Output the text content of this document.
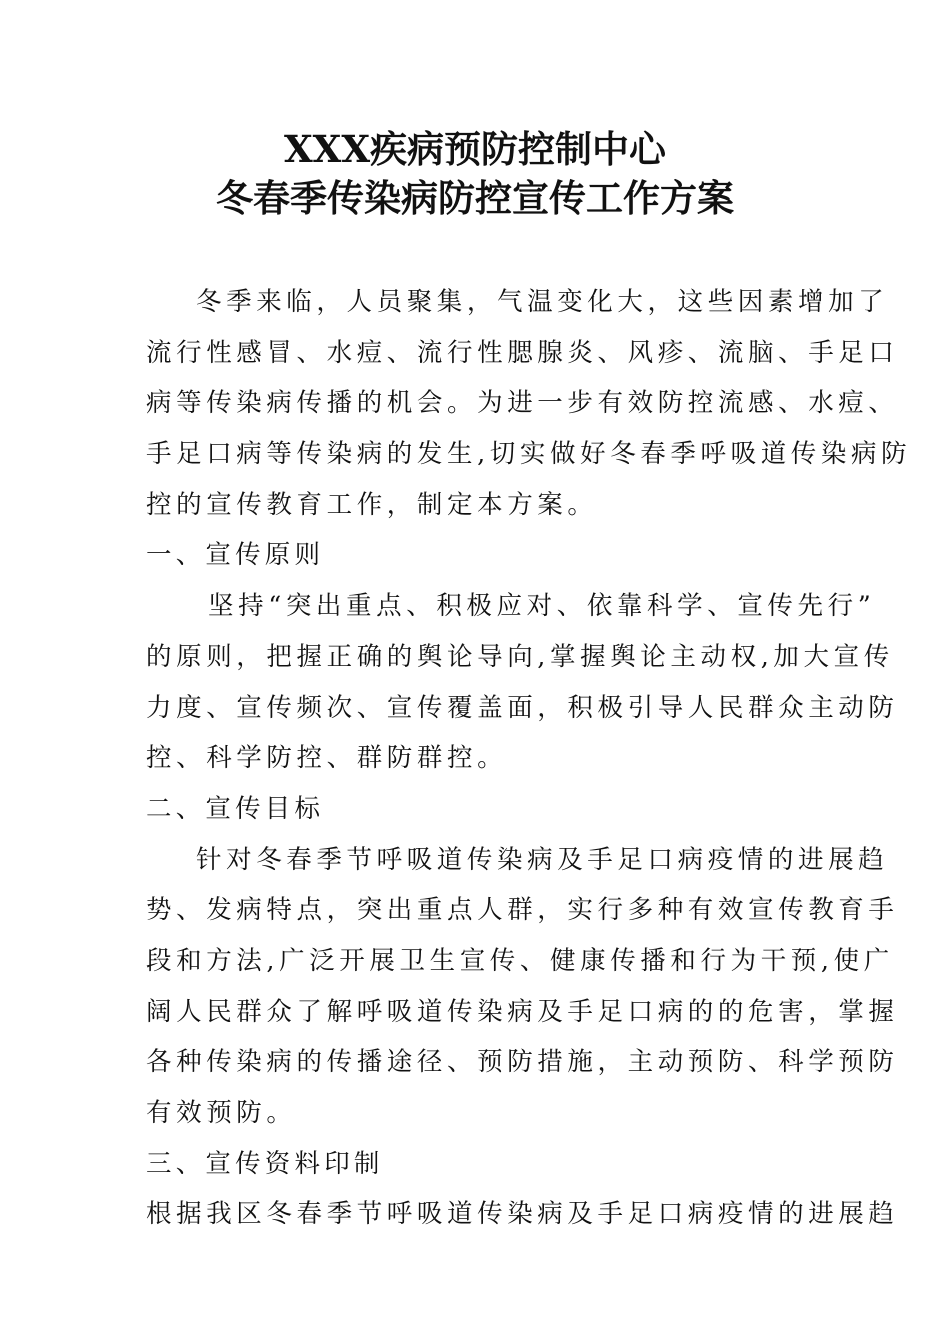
XXX疾病预防控制中心
冬春季传染病防控宣传工作方案
冬季来临，人员聚集，气温变化大，这些因素增加了
流行性感冒、水痘、流行性腮腺炎、风疹、流脑、手足口
病等传染病传播的机会。为进一步有效防控流感、水痘、
手足口病等传染病的发生,切实做好冬春季呼吸道传染病防
控的宣传教育工作，制定本方案。
一、宣传原则
坚持“突出重点、积极应对、依靠科学、宣传先行”
的原则，把握正确的舆论导向,掌握舆论主动权,加大宣传
力度、宣传频次、宣传覆盖面，积极引导人民群众主动防
控、科学防控、群防群控。
二、宣传目标
针对冬春季节呼吸道传染病及手足口病疫情的进展趋
势、发病特点，突出重点人群，实行多种有效宣传教育手
段和方法,广泛开展卫生宣传、健康传播和行为干预,使广
阔人民群众了解呼吸道传染病及手足口病的的危害，掌握
各种传染病的传播途径、预防措施，主动预防、科学预防
有效预防。
三、宣传资料印制
根据我区冬春季节呼吸道传染病及手足口病疫情的进展趋
